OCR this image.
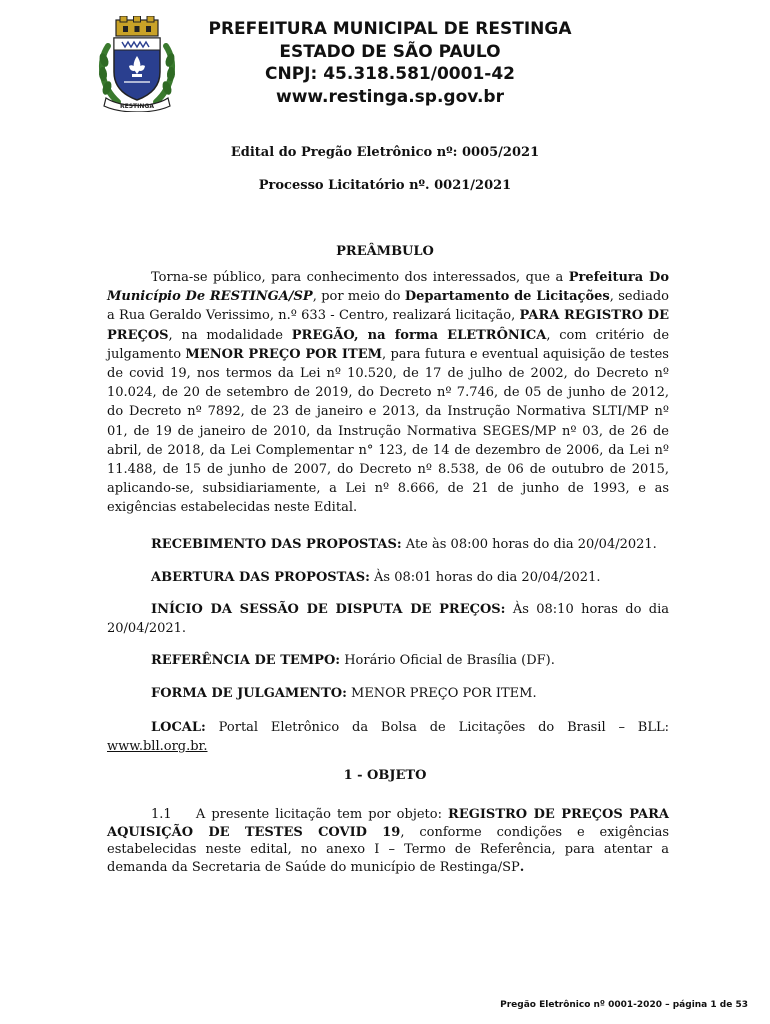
RESTINGA
PREFEITURA MUNICIPAL DE RESTINGA
ESTADO DE SÃO PAULO
CNPJ: 45.318.581/0001-42
www.restinga.sp.gov.br
Edital do Pregão Eletrônico nº: 0005/2021
Processo Licitatório nº. 0021/2021
PREÂMBULO
Torna-se público, para conhecimento dos interessados, que a Prefeitura Do Município De RESTINGA/SP, por meio do Departamento de Licitações, sediado a Rua Geraldo Verissimo, n.º 633 - Centro, realizará licitação, PARA REGISTRO DE PREÇOS, na modalidade PREGÃO, na forma ELETRÔNICA, com critério de julgamento MENOR PREÇO POR ITEM, para futura e eventual aquisição de testes de covid 19, nos termos da Lei nº 10.520, de 17 de julho de 2002, do Decreto nº 10.024, de 20 de setembro de 2019, do Decreto nº 7.746, de 05 de junho de 2012, do Decreto nº 7892, de 23 de janeiro e 2013, da Instrução Normativa SLTI/MP nº 01, de 19 de janeiro de 2010, da Instrução Normativa SEGES/MP nº 03, de 26 de abril, de 2018, da Lei Complementar n° 123, de 14 de dezembro de 2006, da Lei nº 11.488, de 15 de junho de 2007, do Decreto nº 8.538, de 06 de outubro de 2015, aplicando-se, subsidiariamente, a Lei nº 8.666, de 21 de junho de 1993, e as exigências estabelecidas neste Edital.
RECEBIMENTO DAS PROPOSTAS: Ate às 08:00 horas do dia 20/04/2021.
ABERTURA DAS PROPOSTAS: Às 08:01 horas do dia 20/04/2021.
INÍCIO DA SESSÃO DE DISPUTA DE PREÇOS: Às 08:10 horas do dia 20/04/2021.
REFERÊNCIA DE TEMPO: Horário Oficial de Brasília (DF).
FORMA DE JULGAMENTO: MENOR PREÇO POR ITEM.
LOCAL: Portal Eletrônico da Bolsa de Licitações do Brasil – BLL: www.bll.org.br.
1 - OBJETO
1.1 A presente licitação tem por objeto: REGISTRO DE PREÇOS PARA AQUISIÇÃO DE TESTES COVID 19, conforme condições e exigências estabelecidas neste edital, no anexo I – Termo de Referência, para atentar a demanda da Secretaria de Saúde do município de Restinga/SP.
Pregão Eletrônico nº 0001-2020 – página 1 de 53
